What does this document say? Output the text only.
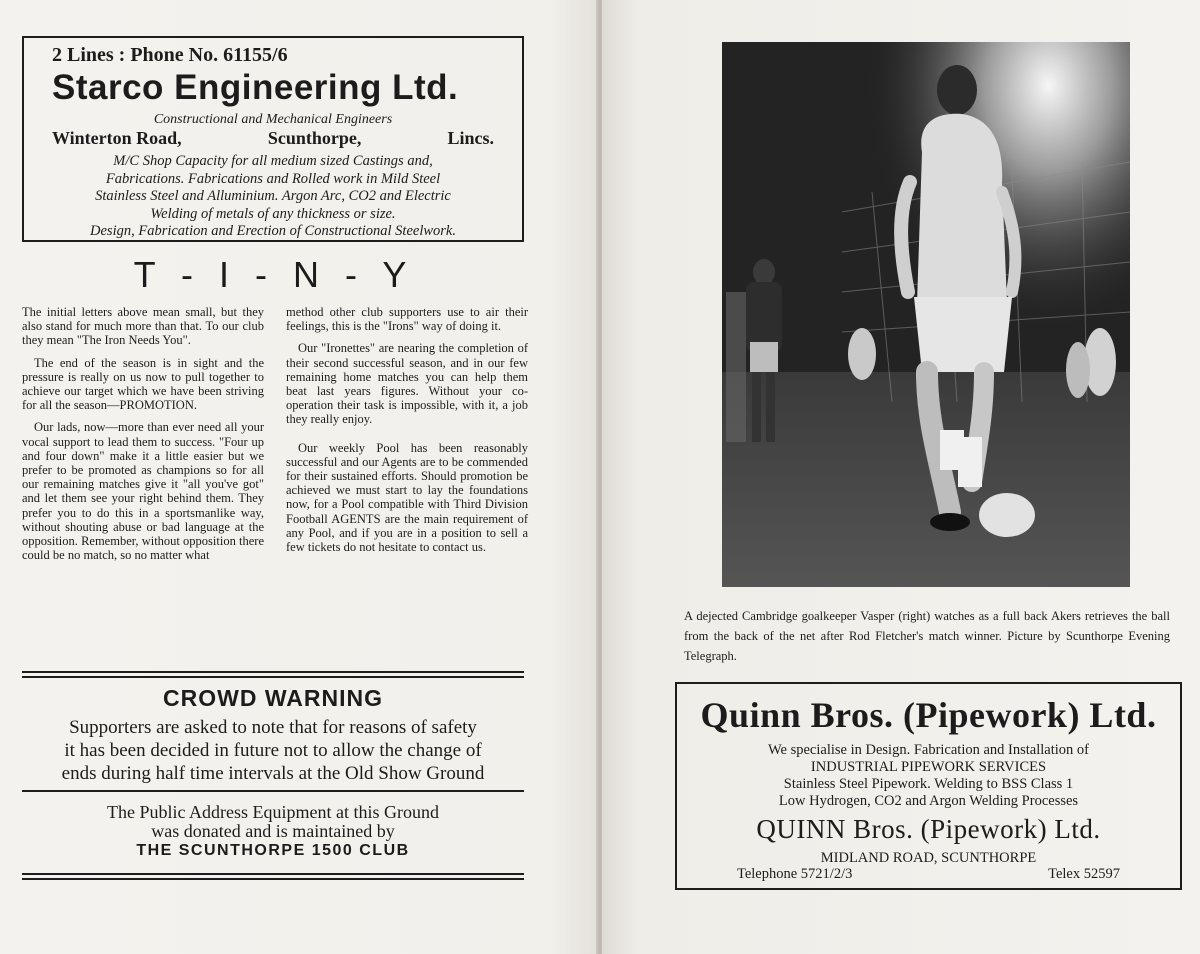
2 Lines : Phone No. 61155/6
Starco Engineering Ltd.
Constructional and Mechanical Engineers
Winterton Road,	Scunthorpe,	Lincs.
M/C Shop Capacity for all medium sized Castings and,
Fabrications. Fabrications and Rolled work in Mild Steel
Stainless Steel and Alluminium. Argon Arc, CO2 and Electric
Welding of metals of any thickness or size.
Design, Fabrication and Erection of Constructional Steelwork.
T - I - N - Y

The initial letters above mean small, but they also stand for much more than that. To our club they mean "The Iron Needs You".

The end of the season is in sight and the pressure is really on us now to pull together to achieve our target which we have been striving for all the season—PROMOTION.

Our lads, now—more than ever need all your vocal support to lead them to success. "Four up and four down" make it a little easier but we prefer to be promoted as champions so for all our remaining matches give it "all you've got" and let them see your right behind them. They prefer you to do this in a sportsmanlike way, without shouting abuse or bad language at the opposition. Remember, without opposition there could be no match, so no matter what

method other club supporters use to air their feelings, this is the "Irons" way of doing it.

Our "Ironettes" are nearing the completion of their second successful season, and in our few remaining home matches you can help them beat last years figures. Without your co-operation their task is impossible, with it, a job they really enjoy.

Our weekly Pool has been reasonably successful and our Agents are to be commended for their sustained efforts. Should promotion be achieved we must start to lay the foundations now, for a Pool compatible with Third Division Football AGENTS are the main requirement of any Pool, and if you are in a position to sell a few tickets do not hesitate to contact us.

CROWD WARNING
Supporters are asked to note that for reasons of safety
it has been decided in future not to allow the change of
ends during half time intervals at the Old Show Ground
The Public Address Equipment at this Ground
was donated and is maintained by
THE SCUNTHORPE 1500 CLUB
A dejected Cambridge goalkeeper Vasper (right) watches as a full back Akers retrieves the ball from the back of the net after Rod Fletcher's match winner. Picture by Scunthorpe Evening Telegraph.
Quinn Bros. (Pipework) Ltd.
We specialise in Design. Fabrication and Installation of
INDUSTRIAL PIPEWORK SERVICES
Stainless Steel Pipework. Welding to BSS Class 1
Low Hydrogen, CO2 and Argon Welding Processes
QUINN Bros. (Pipework) Ltd.
MIDLAND ROAD, SCUNTHORPE
Telephone 5721/2/3	Telex 52597
